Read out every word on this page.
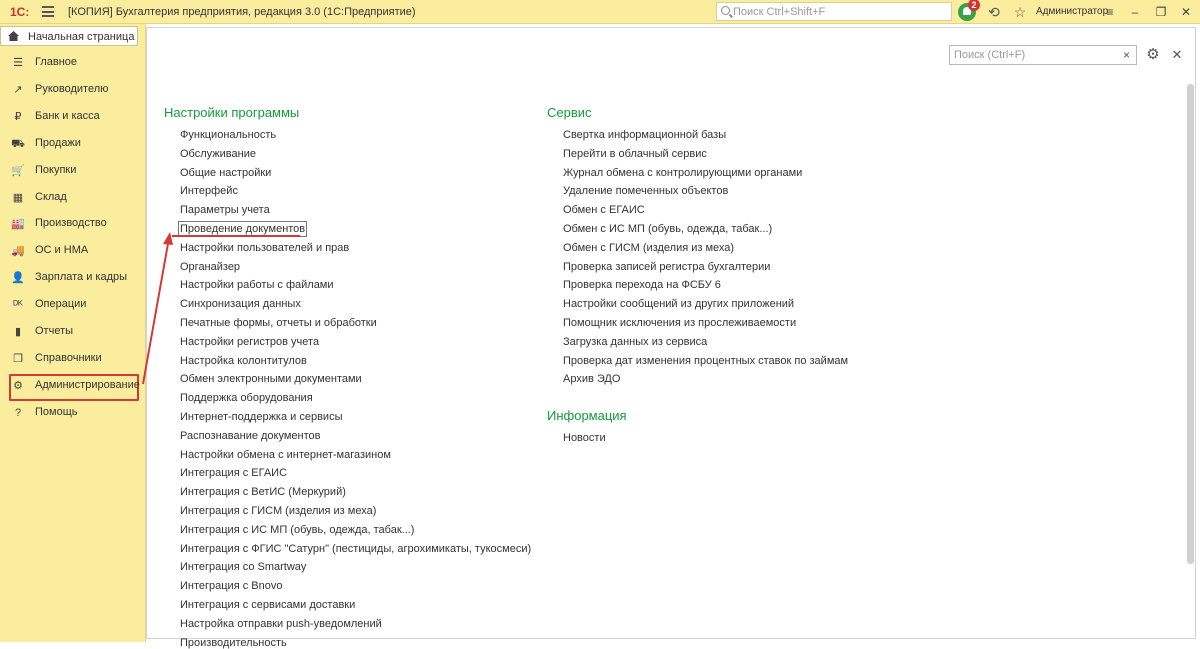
1С:	[КОПИЯ] Бухгалтерия предприятия, редакция 3.0 (1С:Предприятие)
Поиск Ctrl+Shift+F
2 ⟲ ☆ Администратор
≡	‒	❐ ✕
Начальная страница
☰ Главное
↗ Руководителю
₽	Банк и касса
⛟ Продажи
🛒 Покупки
▦ Склад
🏭 Производство
🚚 ОС и НМА
👤 Зарплата и кадры
ᴰᴷ Операции
▮	Отчеты
❒ Справочники
⚙ Администрирование
?	Помощь
Поиск (Ctrl+F)
×	⚙ ✕
Настройки программы
Функциональность
Обслуживание
Общие настройки
Интерфейс
Параметры учета
Проведение документов
Настройки пользователей и прав
Органайзер
Настройки работы с файлами
Синхронизация данных
Печатные формы, отчеты и обработки
Настройки регистров учета
Настройка колонтитулов
Обмен электронными документами
Поддержка оборудования
Интернет-поддержка и сервисы
Распознавание документов
Настройки обмена с интернет-магазином
Интеграция с ЕГАИС
Интеграция с ВетИС (Меркурий)
Интеграция с ГИСМ (изделия из меха)
Интеграция с ИС МП (обувь, одежда, табак...)
Интеграция с ФГИС "Сатурн" (пестициды, агрохимикаты, тукосмеси)
Интеграция со Smartway
Интеграция с Bnovo
Интеграция с сервисами доставки
Настройка отправки push-уведомлений
Производительность
Сервис
Свертка информационной базы
Перейти в облачный сервис
Журнал обмена с контролирующими органами
Удаление помеченных объектов
Обмен с ЕГАИС
Обмен с ИС МП (обувь, одежда, табак...)
Обмен с ГИСМ (изделия из меха)
Проверка записей регистра бухгалтерии
Проверка перехода на ФСБУ 6
Настройки сообщений из других приложений
Помощник исключения из прослеживаемости
Загрузка данных из сервиса
Проверка дат изменения процентных ставок по займам
Архив ЭДО
Информация
Новости
